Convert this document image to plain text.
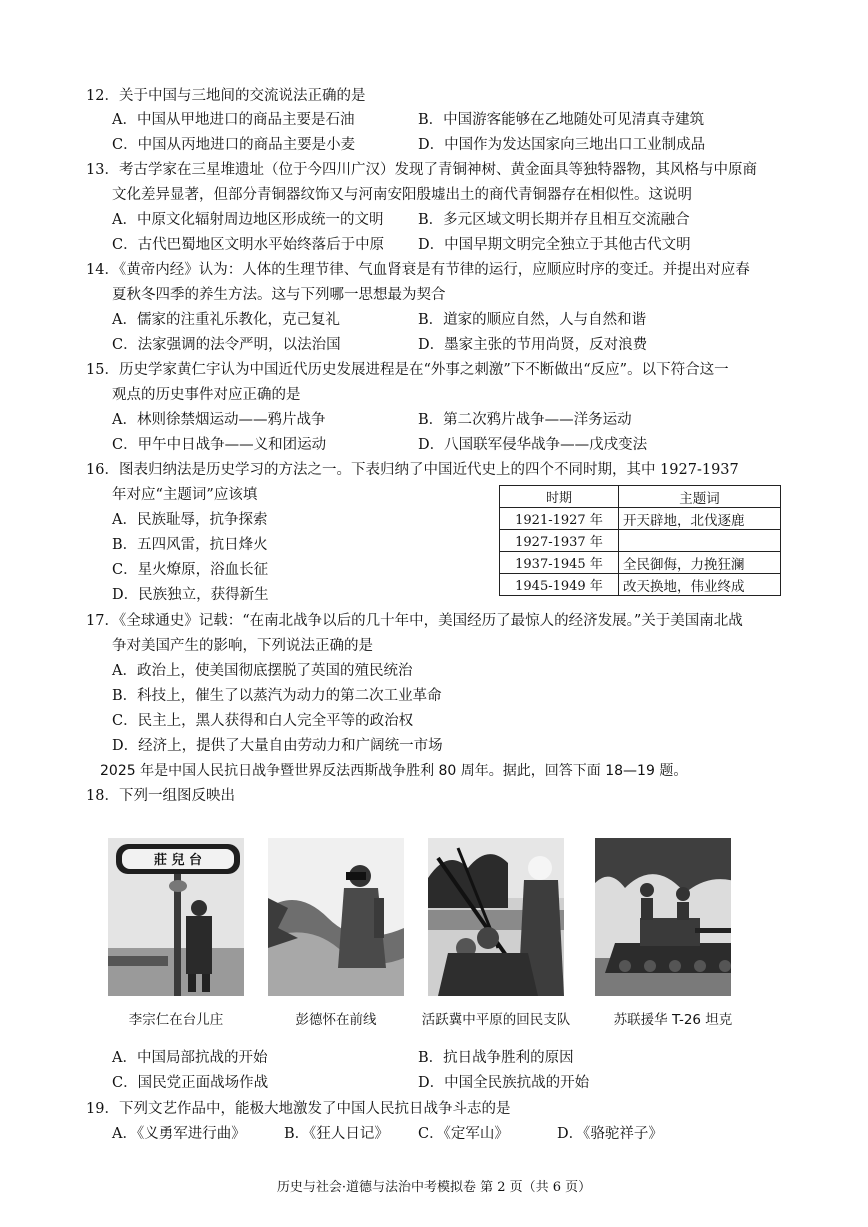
12．关于中国与三地间的交流说法正确的是
A．中国从甲地进口的商品主要是石油	B．中国游客能够在乙地随处可见清真寺建筑
C．中国从丙地进口的商品主要是小麦	D．中国作为发达国家向三地出口工业制成品
13．考古学家在三星堆遗址（位于今四川广汉）发现了青铜神树、黄金面具等独特器物，其风格与中原商
文化差异显著，但部分青铜器纹饰又与河南安阳殷墟出土的商代青铜器存在相似性。这说明
A．中原文化辐射周边地区形成统一的文明 B．多元区域文明长期并存且相互交流融合
C．古代巴蜀地区文明水平始终落后于中原 D．中国早期文明完全独立于其他古代文明
14．《黄帝内经》认为：人体的生理节律、气血肾衰是有节律的运行，应顺应时序的变迁。并提出对应春
夏秋冬四季的养生方法。这与下列哪一思想最为契合
A．儒家的注重礼乐教化，克己复礼	B．道家的顺应自然，人与自然和谐
C．法家强调的法令严明，以法治国	D．墨家主张的节用尚贤，反对浪费
15．历史学家黄仁宇认为中国近代历史发展进程是在“外事之刺激”下不断做出“反应”。以下符合这一
观点的历史事件对应正确的是
A．林则徐禁烟运动——鸦片战争	B．第二次鸦片战争——洋务运动
C．甲午中日战争——义和团运动	D．八国联军侵华战争——戊戌变法
16．图表归纳法是历史学习的方法之一。下表归纳了中国近代史上的四个不同时期，其中 1927-1937
年对应“主题词”应该填
A．民族耻辱，抗争探索
B．五四风雷，抗日烽火
C．星火燎原，浴血长征
D．民族独立，获得新生
时期	主题词
1921-1927 年	开天辟地，北伐逐鹿
1927-1937 年	
1937-1945 年	全民御侮，力挽狂澜
1945-1949 年	改天换地，伟业终成
17．《全球通史》记载：“在南北战争以后的几十年中，美国经历了最惊人的经济发展。”关于美国南北战
争对美国产生的影响，下列说法正确的是
A．政治上，使美国彻底摆脱了英国的殖民统治
B．科技上，催生了以蒸汽为动力的第二次工业革命
C．民主上，黑人获得和白人完全平等的政治权
D．经济上，提供了大量自由劳动力和广阔统一市场
2025 年是中国人民抗日战争暨世界反法西斯战争胜利 80 周年。据此，回答下面 18—19 题。
18．下列一组图反映出
莊 兒 台
李宗仁在台儿庄	彭德怀在前线	活跃冀中平原的回民支队	苏联援华 T-26 坦克
A．中国局部抗战的开始	B．抗日战争胜利的原因
C．国民党正面战场作战	D．中国全民族抗战的开始
19．下列文艺作品中，能极大地激发了中国人民抗日战争斗志的是
A．《义勇军进行曲》	B．《狂人日记》 C．《定军山》	D．《骆驼祥子》
历史与社会·道德与法治中考模拟卷 第 2 页（共 6 页）
